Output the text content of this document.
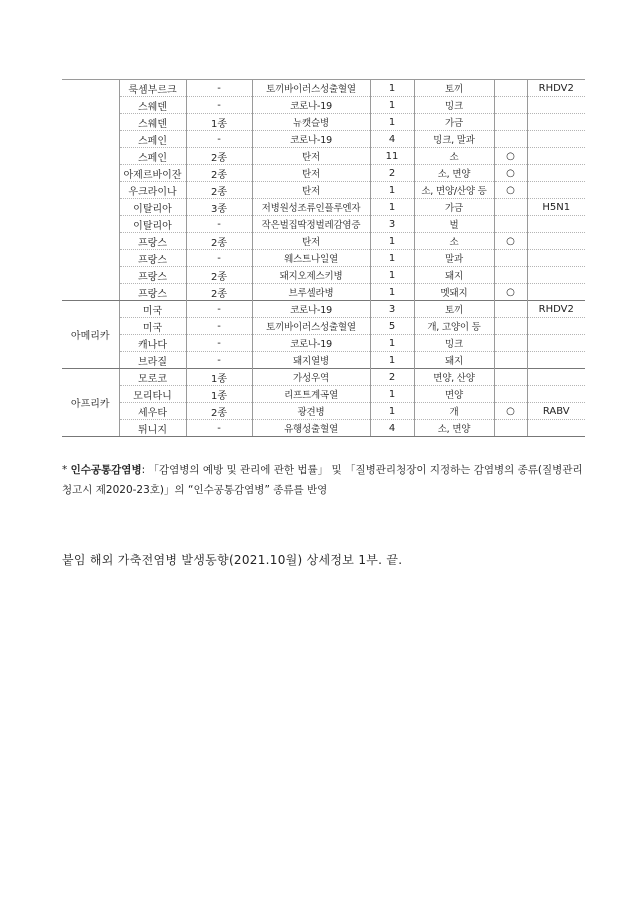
	룩셈부르크	-	토끼바이러스성출혈열	1	토끼		RHDV2
	스웨덴	-	코로나-19	1	밍크		
	스웨덴	1종	뉴캣슬병	1	가금		
	스페인	-	코로나-19	4	밍크, 말과		
	스페인	2종	탄저	11	소	○	
	아제르바이잔	2종	탄저	2	소, 면양	○	
	우크라이나	2종	탄저	1	소, 면양/산양 등	○	
	이탈리아	3종	저병원성조류인플루엔자	1	가금		H5N1
	이탈리아	-	작은벌집딱정벌레감염증	3	벌		
	프랑스	2종	탄저	1	소	○	
	프랑스	-	웨스트나일열	1	말과		
	프랑스	2종	돼지오제스키병	1	돼지		
	프랑스	2종	브루셀라병	1	멧돼지	○	
아메리카	미국	-	코로나-19	3	토끼		RHDV2
	미국	-	토끼바이러스성출혈열	5	개, 고양이 등		
	캐나다	-	코로나-19	1	밍크		
	브라질	-	돼지열병	1	돼지		
아프리카	모로코	1종	가성우역	2	면양, 산양		
	모리타니	1종	리프트계곡열	1	면양		
	세우타	2종	광견병	1	개	○	RABV
	튀니지	-	유행성출혈열	4	소, 면양		
* 인수공통감염병: 「감염병의 예방 및 관리에 관한 법률」 및 「질병관리청장이 지정하는 감염병의 종류(질병관리청고시 제2020-23호)」의 “인수공통감염병” 종류를 반영
붙임 해외 가축전염병 발생동향(2021.10월) 상세정보 1부. 끝.
